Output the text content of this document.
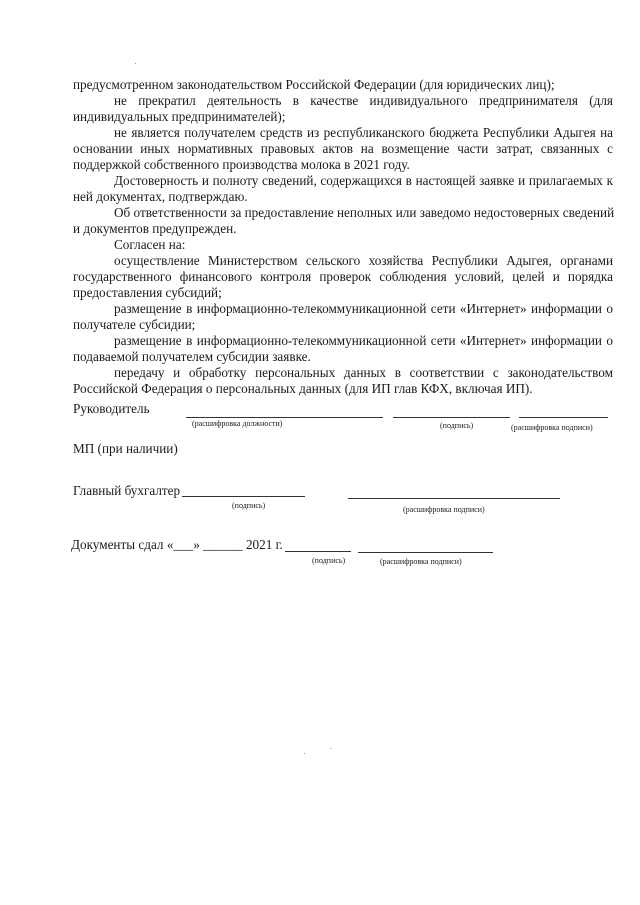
предусмотренном законодательством Российской Федерации (для юридических лиц);
не прекратил деятельность в качестве индивидуального предпринимателя (для
индивидуальных предпринимателей);
не является получателем средств из республиканского бюджета Республики Адыгея на
основании иных нормативных правовых актов на возмещение части затрат, связанных с
поддержкой собственного производства молока в 2021 году.
Достоверность и полноту сведений, содержащихся в настоящей заявке и прилагаемых к
ней документах, подтверждаю.
Об ответственности за предоставление неполных или заведомо недостоверных сведений
и документов предупрежден.
Согласен на:
осуществление Министерством сельского хозяйства Республики Адыгея, органами
государственного финансового контроля проверок соблюдения условий, целей и порядка
предоставления субсидий;
размещение в информационно-телекоммуникационной сети «Интернет» информации о
получателе субсидии;
размещение в информационно-телекоммуникационной сети «Интернет» информации о
подаваемой получателем субсидии заявке.
передачу и обработку персональных данных в соответствии с законодательством
Российской Федерация о персональных данных (для ИП глав КФХ, включая ИП).
Руководитель
(расшифровка должности)	(подпись)	(расшифровка подписи)
МП (при наличии)
Главный бухгалтер
(подпись)	(расшифровка подписи)
Документы сдал «___» ______ 2021 г.
(подпись)	(расшифровка подписи)
